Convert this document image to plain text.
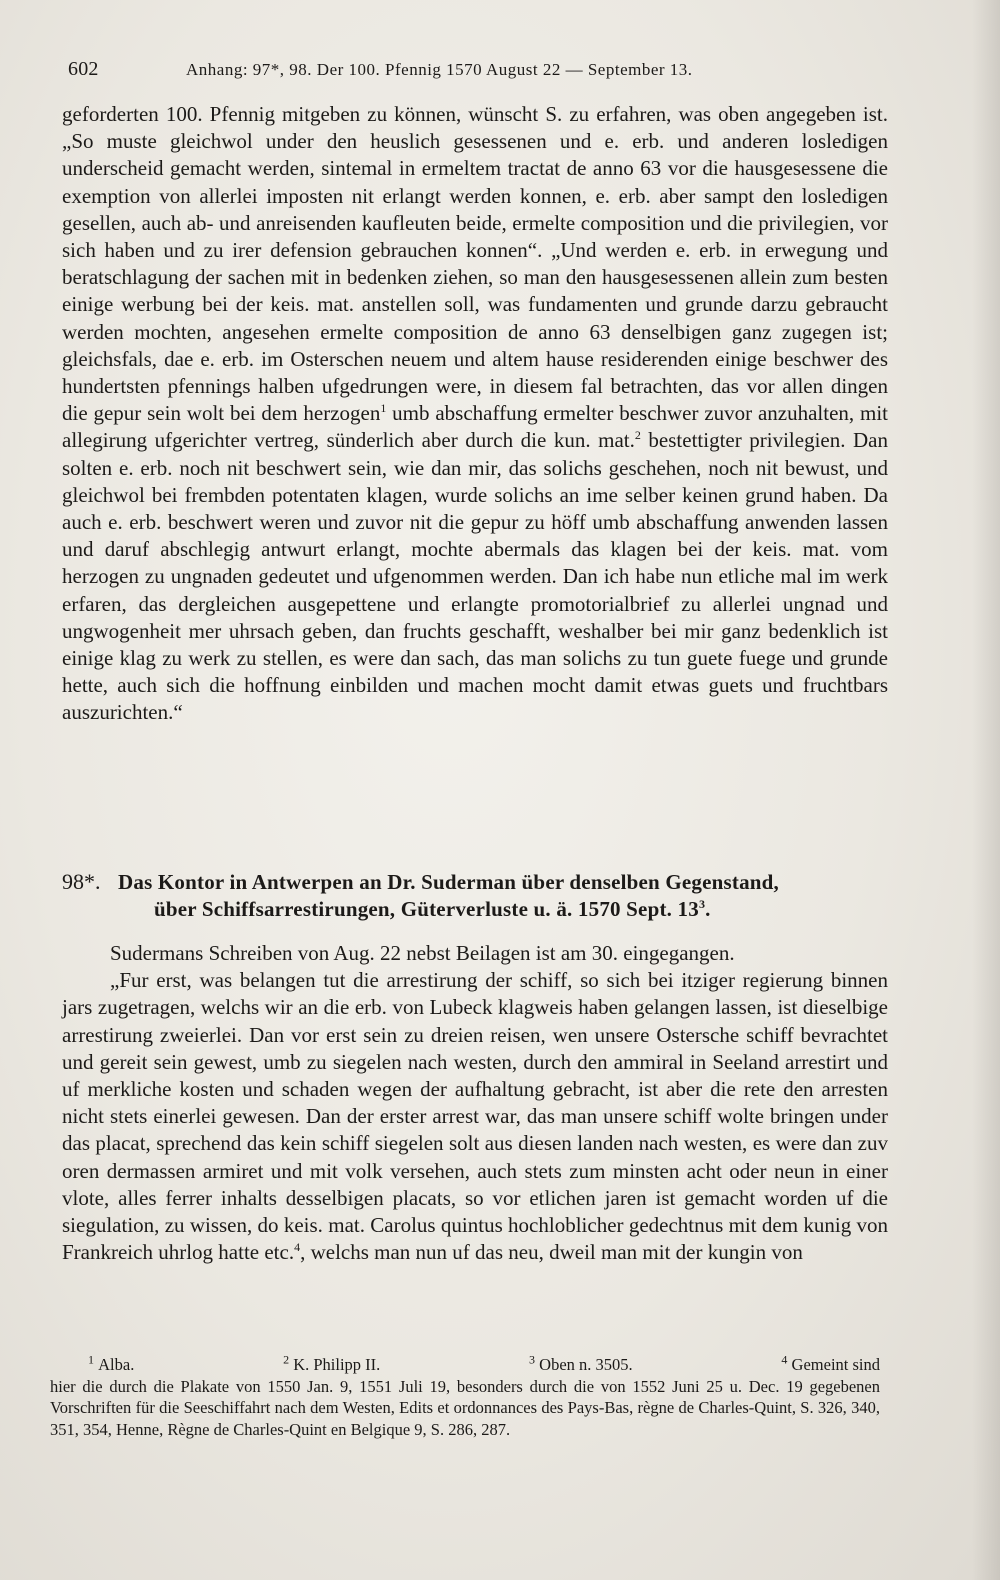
602	Anhang: 97*, 98. Der 100. Pfennig 1570 August 22 — September 13.

geforderten 100. Pfennig mitgeben zu können, wünscht S. zu erfahren, was oben angegeben ist. „So muste gleichwol under den heuslich gesessenen und e. erb. und anderen losledigen underscheid gemacht werden, sintemal in ermeltem tractat de anno 63 vor die hausgesessene die exemption von allerlei imposten nit erlangt werden konnen, e. erb. aber sampt den losledigen gesellen, auch ab- und anreisenden kaufleuten beide, ermelte composition und die privilegien, vor sich haben und zu irer defension gebrauchen konnen“. „Und werden e. erb. in erwegung und beratschlagung der sachen mit in bedenken ziehen, so man den hausgesessenen allein zum besten einige werbung bei der keis. mat. anstellen soll, was fundamenten und grunde darzu gebraucht werden mochten, angesehen ermelte composition de anno 63 denselbigen ganz zugegen ist; gleichsfals, dae e. erb. im Osterschen neuem und altem hause residerenden einige beschwer des hundertsten pfennings halben ufgedrungen were, in diesem fal betrachten, das vor allen dingen die gepur sein wolt bei dem herzogen$^1$ umb abschaffung ermelter beschwer zuvor anzuhalten, mit allegirung ufgerichter vertreg, sünderlich aber durch die kun. mat.$^2$ bestettigter privilegien. Dan solten e. erb. noch nit beschwert sein, wie dan mir, das solichs geschehen, noch nit bewust, und gleichwol bei frembden potentaten klagen, wurde solichs an ime selber keinen grund haben. Da auch e. erb. beschwert weren und zuvor nit die gepur zu höff umb abschaffung anwenden lassen und daruf abschlegig antwurt erlangt, mochte abermals das klagen bei der keis. mat. vom herzogen zu ungnaden gedeutet und ufgenommen werden. Dan ich habe nun etliche mal im werk erfaren, das dergleichen ausgepettene und erlangte promotorialbrief zu allerlei ungnad und ungwogenheit mer uhrsach geben, dan fruchts geschafft, weshalber bei mir ganz bedenklich ist einige klag zu werk zu stellen, es were dan sach, das man solichs zu tun guete fuege und grunde hette, auch sich die hoffnung einbilden und machen mocht damit etwas guets und fruchtbars auszurichten.“

98*. Das Kontor in Antwerpen an Dr. Suderman über denselben Gegenstand,
über Schiffsarrestirungen, Güterverluste u. ä. 1570 Sept. $13^3$.

Sudermans Schreiben von Aug. 22 nebst Beilagen ist am 30. eingegangen.

„Fur erst, was belangen tut die arrestirung der schiff, so sich bei itziger regierung binnen jars zugetragen, welchs wir an die erb. von Lubeck klagweis haben gelangen lassen, ist dieselbige arrestirung zweierlei. Dan vor erst sein zu dreien reisen, wen unsere Ostersche schiff bevrachtet und gereit sein gewest, umb zu siegelen nach westen, durch den ammiral in Seeland arrestirt und uf merkliche kosten und schaden wegen der aufhaltung gebracht, ist aber die rete den arresten nicht stets einerlei gewesen. Dan der erster arrest war, das man unsere schiff wolte bringen under das placat, sprechend das kein schiff siegelen solt aus diesen landen nach westen, es were dan zuv oren dermassen armiret und mit volk versehen, auch stets zum minsten acht oder neun in einer vlote, alles ferrer inhalts desselbigen placats, so vor etlichen jaren ist gemacht worden uf die siegulation, zu wissen, do keis. mat. Carolus quintus hochloblicher gedechtnus mit dem kunig von Frankreich uhrlog hatte etc.$^4$, welchs man nun uf das neu, dweil man mit der kungin von

$^1$ Alba.	$^2$ K. Philipp II.	$^3$ Oben n. 3505.	$^4$ Gemeint sind
hier die durch die Plakate von 1550 Jan. 9, 1551 Juli 19, besonders durch die von 1552 Juni 25 u. Dec. 19 gegebenen Vorschriften für die Seeschiffahrt nach dem Westen, Edits et ordonnances des Pays-Bas, règne de Charles-Quint, S. 326, 340, 351, 354, Henne, Règne de Charles-Quint en Belgique 9, S. 286, 287.
